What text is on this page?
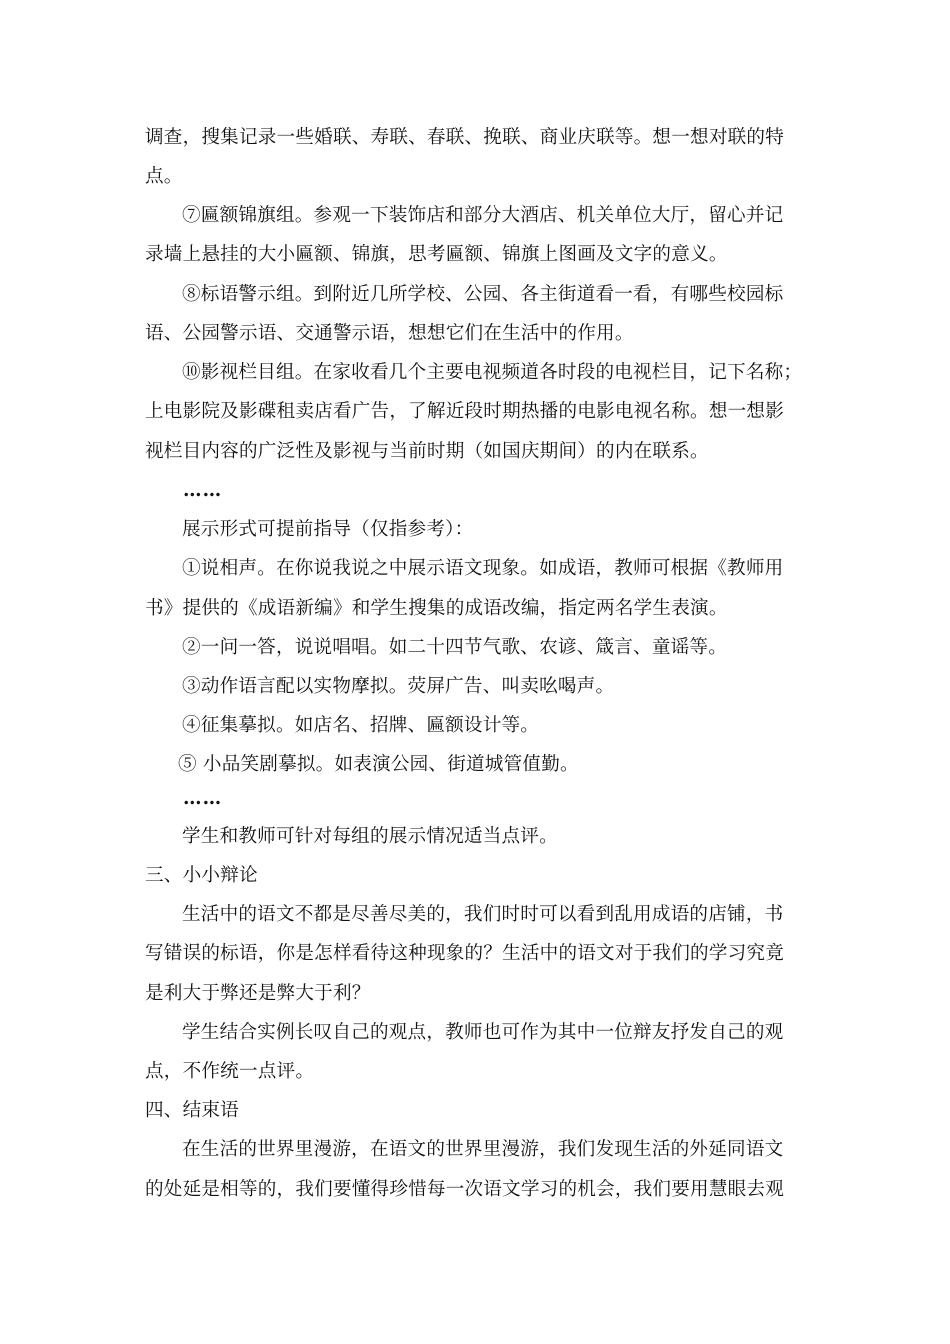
调查，搜集记录一些婚联、寿联、春联、挽联、商业庆联等。想一想对联的特
点。
⑦匾额锦旗组。参观一下装饰店和部分大酒店、机关单位大厅，留心并记
录墙上悬挂的大小匾额、锦旗，思考匾额、锦旗上图画及文字的意义。
⑧标语警示组。到附近几所学校、公园、各主街道看一看，有哪些校园标
语、公园警示语、交通警示语，想想它们在生活中的作用。
⑩影视栏目组。在家收看几个主要电视频道各时段的电视栏目，记下名称；
上电影院及影碟租卖店看广告，了解近段时期热播的电影电视名称。想一想影
视栏目内容的广泛性及影视与当前时期（如国庆期间）的内在联系。
……
展示形式可提前指导（仅指参考）：
①说相声。在你说我说之中展示语文现象。如成语，教师可根据《教师用
书》提供的《成语新编》和学生搜集的成语改编，指定两名学生表演。
②一问一答，说说唱唱。如二十四节气歌、农谚、箴言、童谣等。
③动作语言配以实物摩拟。荧屏广告、叫卖吆喝声。
④征集摹拟。如店名、招牌、匾额设计等。
⑤ 小品笑剧摹拟。如表演公园、街道城管值勤。
……
学生和教师可针对每组的展示情况适当点评。
三、小小辩论
生活中的语文不都是尽善尽美的，我们时时可以看到乱用成语的店铺，书
写错误的标语，你是怎样看待这种现象的？生活中的语文对于我们的学习究竟
是利大于弊还是弊大于利？
学生结合实例长叹自己的观点，教师也可作为其中一位辩友抒发自己的观
点，不作统一点评。
四、结束语
在生活的世界里漫游，在语文的世界里漫游，我们发现生活的外延同语文
的处延是相等的，我们要懂得珍惜每一次语文学习的机会，我们要用慧眼去观
